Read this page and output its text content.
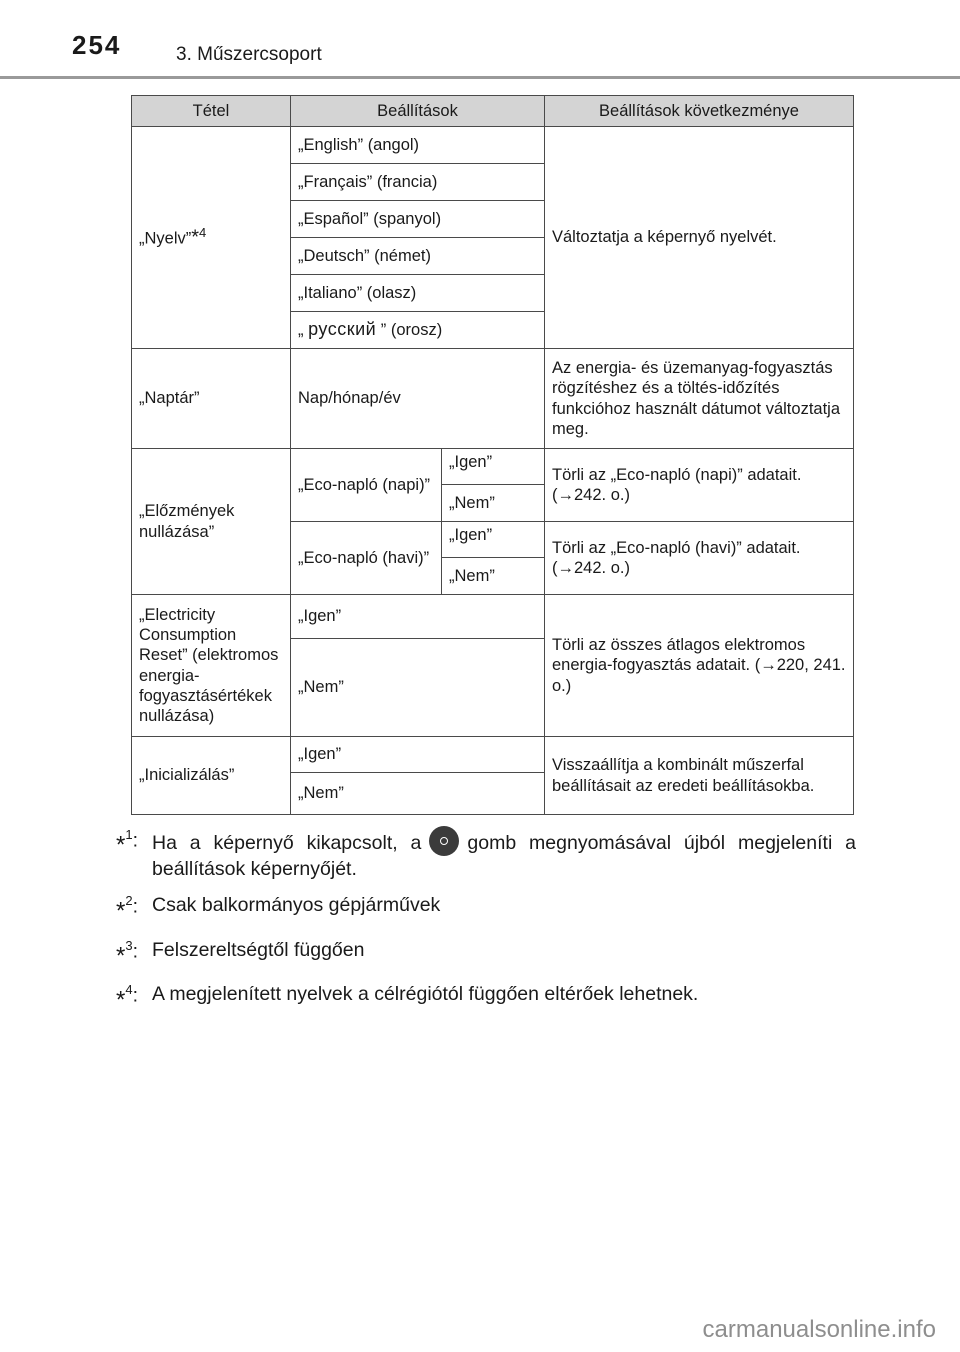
254	3. Műszercsoport
Tétel	Beállítások		Beállítások következménye
„Nyelv”*$^4$	„English” (angol)		Változtatja a képernyő nyelvét.
	„Français” (francia)		
	„Español” (spanyol)		
	„Deutsch” (német)		
	„Italiano” (olasz)		
	„ русский ” (orosz)		
„Naptár”	Nap/hónap/év		Az energia- és üzemanyag-fogyasztás rögzítéshez és a töltés-időzítés funkcióhoz használt dátumot változtatja meg.
„Előzmények nullázása”	„Eco-napló (napi)”	„Igen”	Törli az „Eco-napló (napi)” adatait. (→242. o.)
		„Nem”	
	„Eco-napló (havi)”	„Igen”	Törli az „Eco-napló (havi)” adatait. (→242. o.)
		„Nem”	
„Electricity Consumption Reset” (elektromos energia-fogyasztásértékek nullázása)	„Igen”		Törli az összes átlagos elektromos energia-fogyasztás adatait. (→220, 241. o.)
	„Nem”		
„Inicializálás”	„Igen”		Visszaállítja a kombinált műszerfal beállításait az eredeti beállításokba.
	„Nem”		
*$^1$: Ha a képernyő kikapcsolt, a gomb megnyomásával újból megjeleníti a beállítások képernyőjét.
*$^2$: Csak balkormányos gépjárművek
*$^3$: Felszereltségtől függően
*$^4$: A megjelenített nyelvek a célrégiótól függően eltérőek lehetnek.
carmanualsonline.info
